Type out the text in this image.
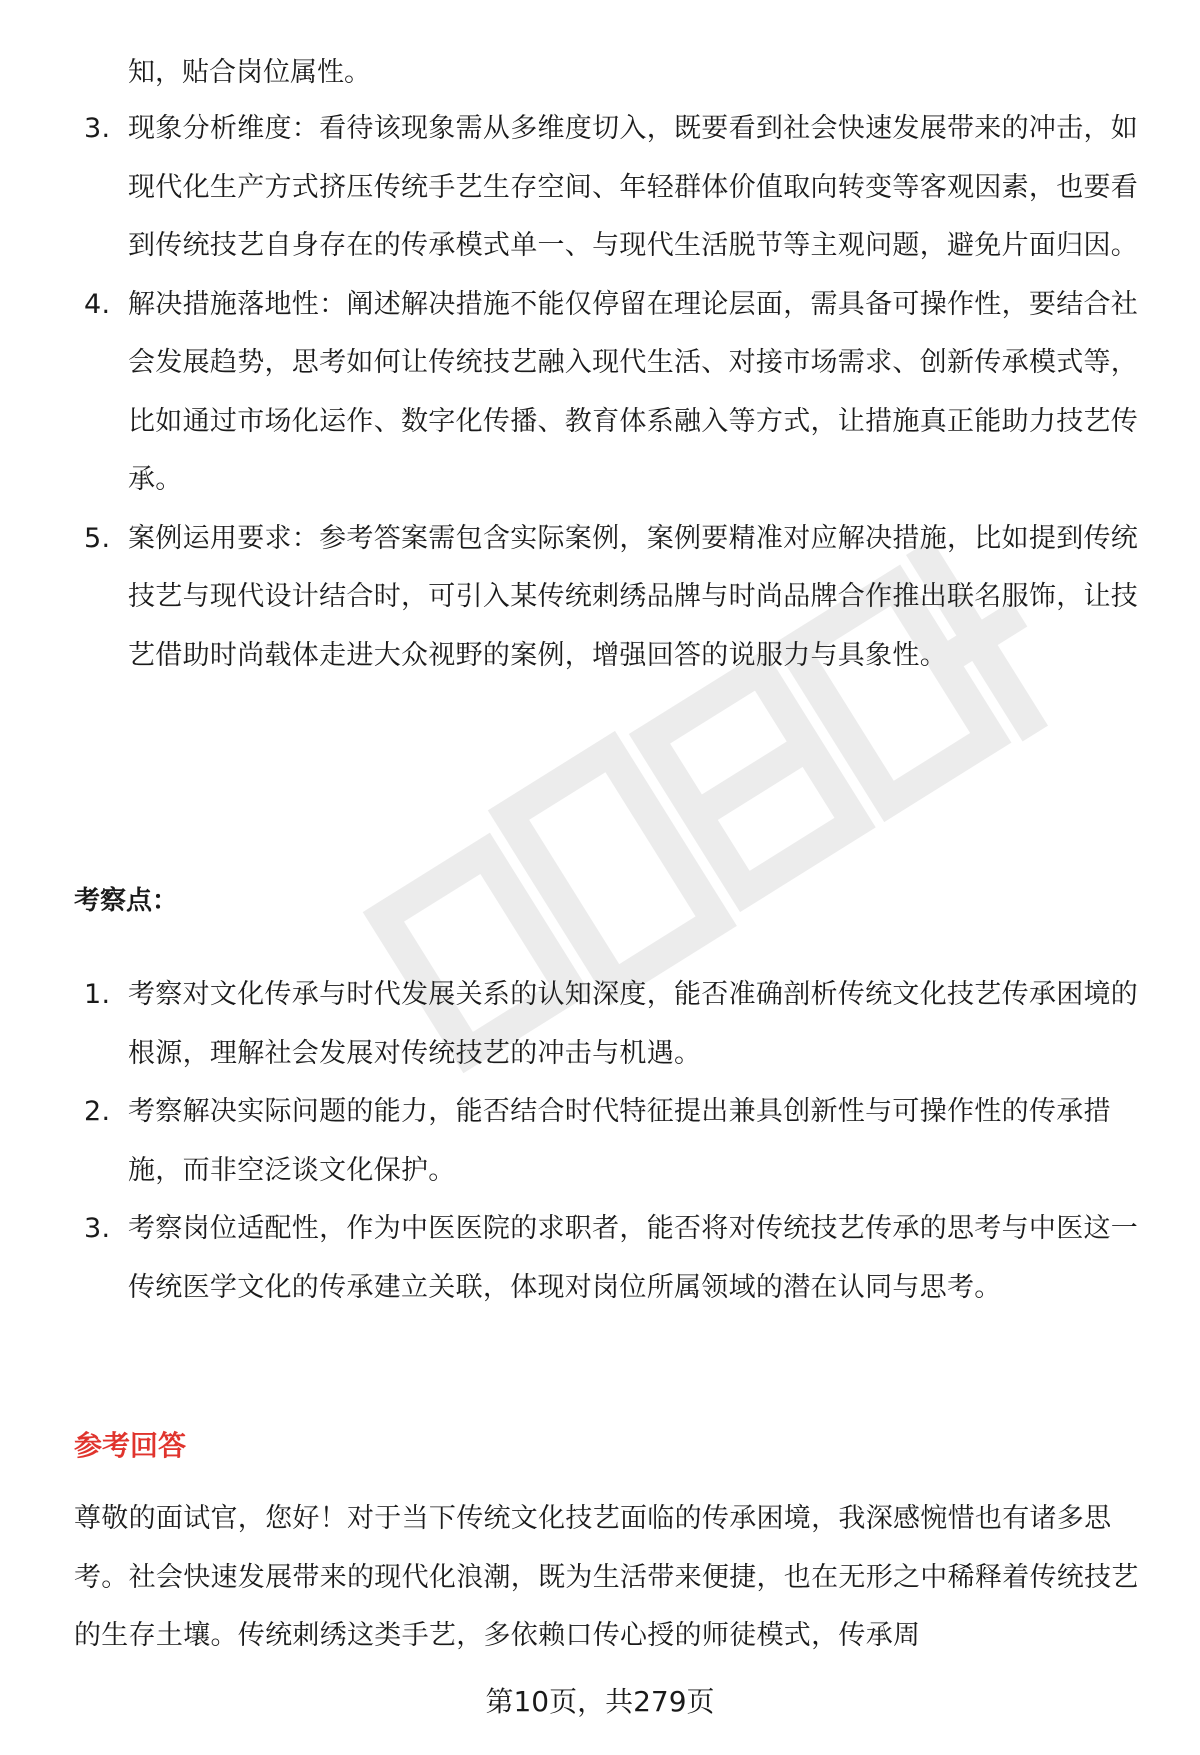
知，贴合岗位属性。
3. 现象分析维度：看待该现象需从多维度切入，既要看到社会快速发展带来的冲击，如现代化生产方式挤压传统手艺生存空间、年轻群体价值取向转变等客观因素，也要看到传统技艺自身存在的传承模式单一、与现代生活脱节等主观问题，避免片面归因。
4. 解决措施落地性：阐述解决措施不能仅停留在理论层面，需具备可操作性，要结合社会发展趋势，思考如何让传统技艺融入现代生活、对接市场需求、创新传承模式等，比如通过市场化运作、数字化传播、教育体系融入等方式，让措施真正能助力技艺传承。
5. 案例运用要求：参考答案需包含实际案例，案例要精准对应解决措施，比如提到传统技艺与现代设计结合时，可引入某传统刺绣品牌与时尚品牌合作推出联名服饰，让技艺借助时尚载体走进大众视野的案例，增强回答的说服力与具象性。
考察点：
1. 考察对文化传承与时代发展关系的认知深度，能否准确剖析传统文化技艺传承困境的根源，理解社会发展对传统技艺的冲击与机遇。
2. 考察解决实际问题的能力，能否结合时代特征提出兼具创新性与可操作性的传承措施，而非空泛谈文化保护。
3. 考察岗位适配性，作为中医医院的求职者，能否将对传统技艺传承的思考与中医这一传统医学文化的传承建立关联，体现对岗位所属领域的潜在认同与思考。
参考回答
尊敬的面试官，您好！对于当下传统文化技艺面临的传承困境，我深感惋惜也有诸多思考。社会快速发展带来的现代化浪潮，既为生活带来便捷，也在无形之中稀释着传统技艺的生存土壤。传统刺绣这类手艺，多依赖口传心授的师徒模式，传承周
第10页，共279页
